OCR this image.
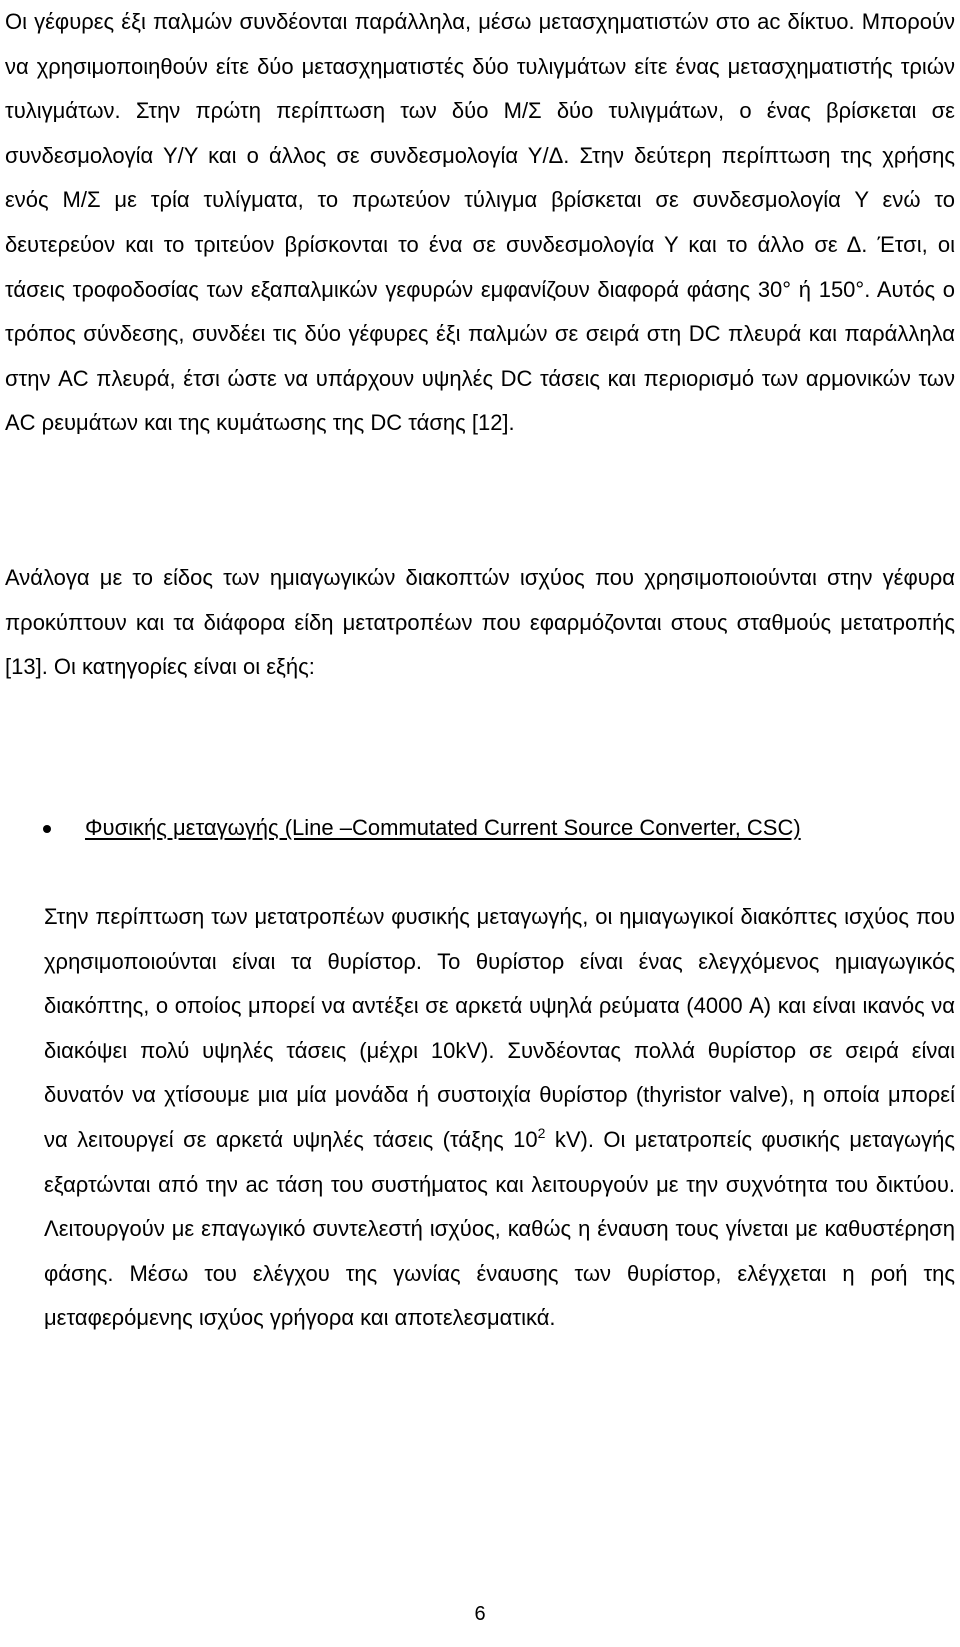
Οι γέφυρες έξι παλμών συνδέονται παράλληλα, μέσω μετασχηματιστών στο ac δίκτυο. Μπορούν να χρησιμοποιηθούν είτε δύο μετασχηματιστές δύο τυλιγμάτων είτε ένας μετασχηματιστής τριών τυλιγμάτων. Στην πρώτη περίπτωση των δύο Μ/Σ δύο τυλιγμάτων, ο ένας βρίσκεται σε συνδεσμολογία Υ/Υ και ο άλλος σε συνδεσμολογία Υ/Δ. Στην δεύτερη περίπτωση της χρήσης ενός Μ/Σ με τρία τυλίγματα, το πρωτεύον τύλιγμα βρίσκεται σε συνδεσμολογία Υ ενώ το δευτερεύον και το τριτεύον βρίσκονται το ένα σε συνδεσμολογία Υ και το άλλο σε Δ. Έτσι, οι τάσεις τροφοδοσίας των εξαπαλμικών γεφυρών εμφανίζουν διαφορά φάσης 30° ή 150°. Αυτός ο τρόπος σύνδεσης, συνδέει τις δύο γέφυρες έξι παλμών σε σειρά στη DC πλευρά και παράλληλα στην AC πλευρά, έτσι ώστε να υπάρχουν υψηλές DC τάσεις και περιορισμό των αρμονικών των AC ρευμάτων και της κυμάτωσης της DC τάσης [12].

Ανάλογα με το είδος των ημιαγωγικών διακοπτών ισχύος που χρησιμοποιούνται στην γέφυρα προκύπτουν και τα διάφορα είδη μετατροπέων που εφαρμόζονται στους σταθμούς μετατροπής [13]. Οι κατηγορίες είναι οι εξής:

Φυσικής μεταγωγής (Line –Commutated Current Source Converter, CSC)

Στην περίπτωση των μετατροπέων φυσικής μεταγωγής, οι ημιαγωγικοί διακόπτες ισχύος που χρησιμοποιούνται είναι τα θυρίστορ. Το θυρίστορ είναι ένας ελεγχόμενος ημιαγωγικός διακόπτης, ο οποίος μπορεί να αντέξει σε αρκετά υψηλά ρεύματα (4000 A) και είναι ικανός να διακόψει πολύ υψηλές τάσεις (μέχρι 10kV). Συνδέοντας πολλά θυρίστορ σε σειρά είναι δυνατόν να χτίσουμε μια μία μονάδα ή συστοιχία θυρίστορ (thyristor valve), η οποία μπορεί να λειτουργεί σε αρκετά υψηλές τάσεις (τάξης $10^2$ kV). Οι μετατροπείς φυσικής μεταγωγής εξαρτώνται από την ac τάση του συστήματος και λειτουργούν με την συχνότητα του δικτύου. Λειτουργούν με επαγωγικό συντελεστή ισχύος, καθώς η έναυση τους γίνεται με καθυστέρηση φάσης. Μέσω του ελέγχου της γωνίας έναυσης των θυρίστορ, ελέγχεται η ροή της μεταφερόμενης ισχύος γρήγορα και αποτελεσματικά.

6
